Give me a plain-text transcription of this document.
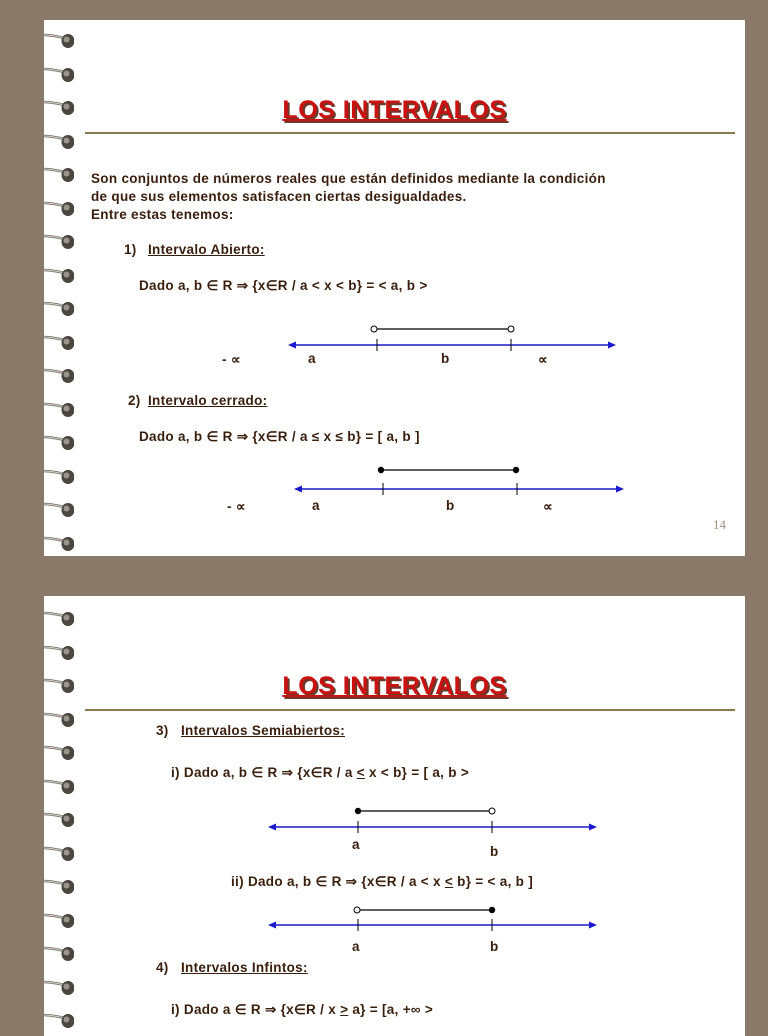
LOS INTERVALOS
Son conjuntos de números reales que están definidos mediante la condición
de que sus elementos satisfacen ciertas desigualdades.
Entre estas tenemos:
1) Intervalo Abierto:
Dado a, b ∈ R ⇒ {x∈R / a < x < b} = < a, b >
- ∝	a	b	∝
2) Intervalo cerrado:
Dado a, b ∈ R ⇒ {x∈R / a ≤ x ≤ b} = [ a, b ]
- ∝	a	b	∝
14
LOS INTERVALOS
3) Intervalos Semiabiertos:
i) Dado a, b ∈ R ⇒ {x∈R / a < x < b} = [ a, b >
a	b
ii) Dado a, b ∈ R ⇒ {x∈R / a < x < b} = < a, b ]
a	b
4) Intervalos Infintos:
i) Dado a ∈ R ⇒ {x∈R / x > a} = [a, +∞ >
